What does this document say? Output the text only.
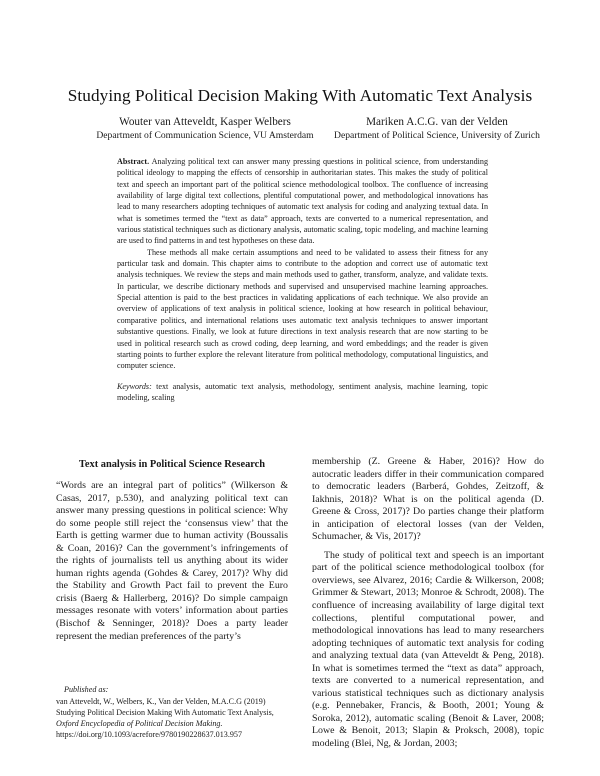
Studying Political Decision Making With Automatic Text Analysis
Wouter van Atteveldt, Kasper Welbers
Department of Communication Science, VU Amsterdam
Mariken A.C.G. van der Velden
Department of Political Science, University of Zurich

Abstract. Analyzing political text can answer many pressing questions in political science, from understanding political ideology to mapping the effects of censorship in authoritarian states. This makes the study of political text and speech an important part of the political science methodological toolbox. The confluence of increasing availability of large digital text collections, plentiful computational power, and methodological innovations has lead to many researchers adopting techniques of automatic text analysis for coding and analyzing textual data. In what is sometimes termed the “text as data” approach, texts are converted to a numerical representation, and various statistical techniques such as dictionary analysis, automatic scaling, topic modeling, and machine learning are used to find patterns in and test hypotheses on these data.

These methods all make certain assumptions and need to be validated to assess their fitness for any particular task and domain. This chapter aims to contribute to the adoption and correct use of automatic text analysis techniques. We review the steps and main methods used to gather, transform, analyze, and validate texts. In particular, we describe dictionary methods and supervised and unsupervised machine learning approaches. Special attention is paid to the best practices in validating applications of each technique. We also provide an overview of applications of text analysis in political science, looking at how research in political behaviour, comparative politics, and international relations uses automatic text analysis techniques to answer important substantive questions. Finally, we look at future directions in text analysis research that are now starting to be used in political research such as crowd coding, deep learning, and word embeddings; and the reader is given starting points to further explore the relevant literature from political methodology, computational linguistics, and computer science.

Keywords: text analysis, automatic text analysis, methodology, sentiment analysis, machine learning, topic modeling, scaling
Text analysis in Political Science Research

“Words are an integral part of politics” (Wilkerson & Casas, 2017, p.530), and analyzing political text can answer many pressing questions in political science: Why do some people still reject the ‘consensus view’ that the Earth is getting warmer due to human activity (Boussalis & Coan, 2016)? Can the government’s infringements of the rights of journalists tell us anything about its wider human rights agenda (Gohdes & Carey, 2017)? Why did the Stability and Growth Pact fail to prevent the Euro crisis (Baerg & Hallerberg, 2016)? Do simple campaign messages resonate with voters’ information about parties (Bischof & Senninger, 2018)? Does a party leader represent the median preferences of the party’s

membership (Z. Greene & Haber, 2016)? How do autocratic leaders differ in their communication compared to democratic leaders (Barberá, Gohdes, Zeitzoff, & Iakhnis, 2018)? What is on the political agenda (D. Greene & Cross, 2017)? Do parties change their platform in anticipation of electoral losses (van der Velden, Schumacher, & Vis, 2017)?

The study of political text and speech is an important part of the political science methodological toolbox (for overviews, see Alvarez, 2016; Cardie & Wilkerson, 2008; Grimmer & Stewart, 2013; Monroe & Schrodt, 2008). The confluence of increasing availability of large digital text collections, plentiful computational power, and methodological innovations has lead to many researchers adopting techniques of automatic text analysis for coding and analyzing textual data (van Atteveldt & Peng, 2018). In what is sometimes termed the “text as data” approach, texts are converted to a numerical representation, and various statistical techniques such as dictionary analysis (e.g. Pennebaker, Francis, & Booth, 2001; Young & Soroka, 2012), automatic scaling (Benoit & Laver, 2008; Lowe & Benoit, 2013; Slapin & Proksch, 2008), topic modeling (Blei, Ng, & Jordan, 2003;

Published as:
van Atteveldt, W., Welbers, K., Van der Velden, M.A.C.G (2019) Studying Political Decision Making With Automatic Text Analysis, Oxford Encyclopedia of Political Decision Making. https://doi.org/10.1093/acrefore/9780190228637.013.957
